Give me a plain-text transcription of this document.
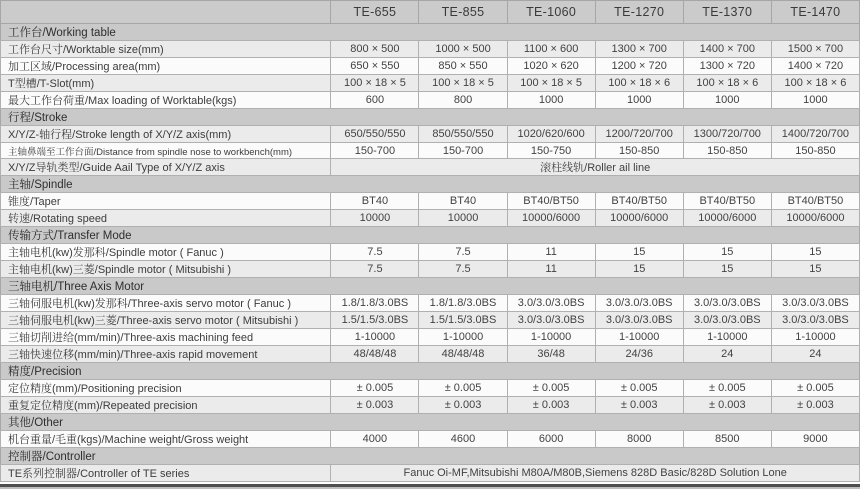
	TE-655	TE-855	TE-1060	TE-1270	TE-1370	TE-1470
工作台/Working table						
工作台尺寸/Worktable size(mm)	800 × 500	1000 × 500	1100 × 600	1300 × 700	1400 × 700	1500 × 700
加工区域/Processing area(mm)	650 × 550	850 × 550	1020 × 620	1200 × 720	1300 × 720	1400 × 720
T型槽/T-Slot(mm)	100 × 18 × 5	100 × 18 × 5	100 × 18 × 5	100 × 18 × 6	100 × 18 × 6	100 × 18 × 6
最大工作台荷重/Max loading of Worktable(kgs)	600	800	1000	1000	1000	1000
行程/Stroke						
X/Y/Z-轴行程/Stroke length of X/Y/Z axis(mm)	650/550/550	850/550/550	1020/620/600	1200/720/700	1300/720/700	1400/720/700
主轴鼻端至工作台面/Distance from spindle nose to workbench(mm)	150-700	150-700	150-750	150-850	150-850	150-850
X/Y/Z导轨类型/Guide Aail Type of X/Y/Z axis	滚柱线轨/Roller ail line					
主轴/Spindle						
锥度/Taper	BT40	BT40	BT40/BT50	BT40/BT50	BT40/BT50	BT40/BT50
转速/Rotating speed	10000	10000	10000/6000	10000/6000	10000/6000	10000/6000
传输方式/Transfer Mode						
主轴电机(kw)发那科/Spindle motor ( Fanuc )	7.5	7.5	11	15	15	15
主轴电机(kw)三菱/Spindle motor ( Mitsubishi )	7.5	7.5	11	15	15	15
三轴电机/Three Axis Motor						
三轴伺服电机(kw)发那科/Three-axis servo motor ( Fanuc )	1.8/1.8/3.0BS	1.8/1.8/3.0BS	3.0/3.0/3.0BS	3.0/3.0/3.0BS	3.0/3.0/3.0BS	3.0/3.0/3.0BS
三轴伺服电机(kw)三菱/Three-axis servo motor ( Mitsubishi )	1.5/1.5/3.0BS	1.5/1.5/3.0BS	3.0/3.0/3.0BS	3.0/3.0/3.0BS	3.0/3.0/3.0BS	3.0/3.0/3.0BS
三轴切削进给(mm/min)/Three-axis machining feed	1-10000	1-10000	1-10000	1-10000	1-10000	1-10000
三轴快速位移(mm/min)/Three-axis rapid movement	48/48/48	48/48/48	36/48	24/36	24	24
精度/Precision						
定位精度(mm)/Positioning precision	± 0.005	± 0.005	± 0.005	± 0.005	± 0.005	± 0.005
重复定位精度(mm)/Repeated precision	± 0.003	± 0.003	± 0.003	± 0.003	± 0.003	± 0.003
其他/Other						
机台重量/毛重(kgs)/Machine weight/Gross weight	4000	4600	6000	8000	8500	9000
控制器/Controller						
TE系列控制器/Controller of TE series	Fanuc Oi-MF,Mitsubishi M80A/M80B,Siemens 828D Basic/828D Solution Lone					
